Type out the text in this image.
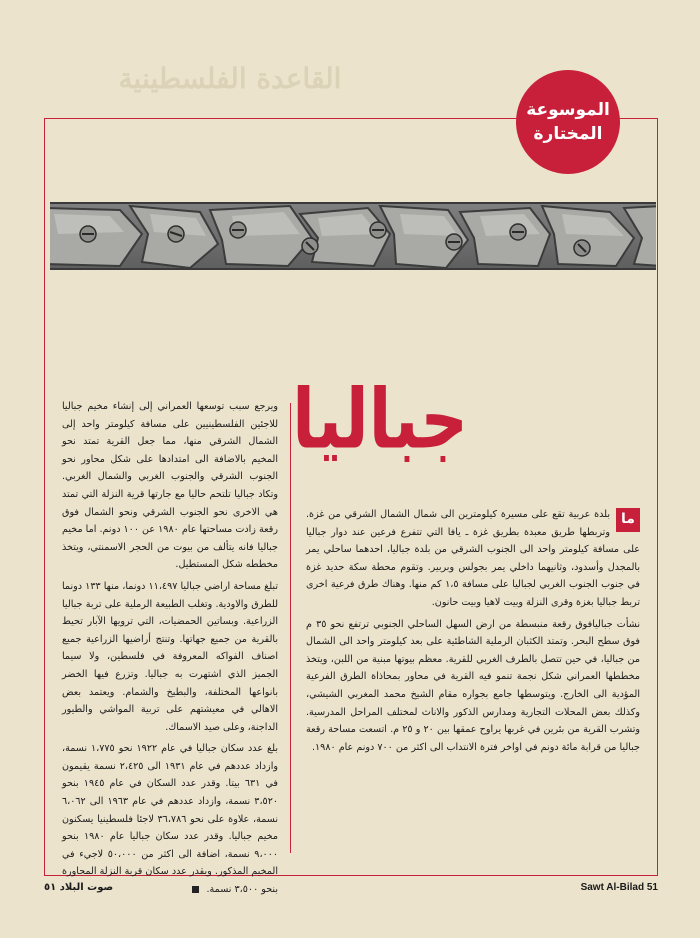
القاعدة الفلسطينية
الموسوعة
المختارة
جباليا

ما
بلدة عربية تقع على مسيرة كيلومترين الى شمال الشمال الشرقي من غزة. وتربطها طريق معبدة بطريق غزة ـ يافا التي تتفرع فرعين عند دوار جباليا على مسافة كيلومتر واحد الى الجنوب الشرقي من بلدة جباليا، احدهما ساحلي يمر بالمجدل وأسدود، وثانيهما داخلي يمر بجولس وبربير. وتقوم محطة سكة حديد غزة في جنوب الجنوب الغربي لجباليا على مسافة ١،٥ كم منها. وهناك طرق فرعية اخرى تربط جباليا بغزة وقرى النزلة وبيت لاهيا وبيت حانون.

نشأت جباليافوق رقعة منبسطة من ارض السهل الساحلي الجنوبي ترتفع نحو ٣٥ م فوق سطح البحر. وتمتد الكثبان الرملية الشاطئية على بعد كيلومتر واحد الى الشمال من جباليا، في حين تتصل بالطرف الغربي للقرية. معظم بيوتها مبنية من اللبن، ويتخذ مخططها العمراني شكل نجمة تنمو فيه القرية في محاور بمحاذاة الطرق الفرعية المؤدية الى الخارج. ويتوسطها جامع بجواره مقام الشيخ محمد المغربي الشيشي، وكذلك بعض المحلات التجارية ومدارس الذكور والاناث لمختلف المراحل المدرسية. وتشرب القرية من بئرين في غربها يراوح عمقها بين ٢٠ و ٢٥ م. اتسعت مساحة رقعة جباليا من قرابة مائة دونم في اواخر فترة الانتداب الى اكثر من ٧٠٠ دونم عام ١٩٨٠.

ويرجع سبب توسعها العمراني إلى إنشاء مخيم جباليا للاجئين الفلسطينيين على مسافة كيلومتر واحد إلى الشمال الشرقي منها، مما جعل القرية تمتد نحو المخيم بالاضافة الى امتدادها على شكل محاور نحو الجنوب الشرقي والجنوب الغربي والشمال الغربي. وتكاد جباليا تلتحم حاليا مع جارتها قرية النزلة التي تمتد هي الاخرى نحو الجنوب الشرقي ونحو الشمال فوق رقعة زادت مساحتها عام ١٩٨٠ عن ١٠٠ دونم. اما مخيم جباليا فانه يتألف من بيوت من الحجر الاسمنتي، ويتخذ مخططه شكل المستطيل.

تبلغ مساحة اراضي جباليا ١١،٤٩٧ دونما، منها ١٣٣ دونما للطرق والاودية. وتغلب الطبيعة الرملية على تربة جباليا الزراعية. وبساتين الحمضيات، التي ترويها الآبار تحيط بالقرية من جميع جهاتها. وتنتج أراضيها الزراعية جميع اصناف الفواكه المعروفة في فلسطين، ولا سيما الجميز الذي اشتهرت به جباليا. وتزرع فيها الخضر بانواعها المختلفة، والبطيخ والشمام. ويعتمد بعض الاهالي في معيشتهم على تربية المواشي والطيور الداجنة، وعلى صيد الاسماك.

بلغ عدد سكان جباليا في عام ١٩٢٢ نحو ١،٧٧٥ نسمة، وازداد عددهم في عام ١٩٣١ الى ٢،٤٢٥ نسمة يقيمون في ٦٣١ بيتا. وقدر عدد السكان في عام ١٩٤٥ بنحو ٣،٥٢٠ نسمة، وازداد عددهم في عام ١٩٦٣ الى ٦،٠٦٢ نسمة، علاوة على نحو ٣٦،٧٨٦ لاجئا فلسطينيا يسكنون مخيم جباليا. وقدر عدد سكان جباليا عام ١٩٨٠ بنحو ٩،٠٠٠ نسمة، اضافة الى اكثر من ٥٠،٠٠٠ لاجيء في المخيم المذكور. ويقدر عدد سكان قرية النزلة المجاورة بنحو ٣،٥٠٠ نسمة.

صوت البلاد ٥١	Sawt Al-Bilad 51
